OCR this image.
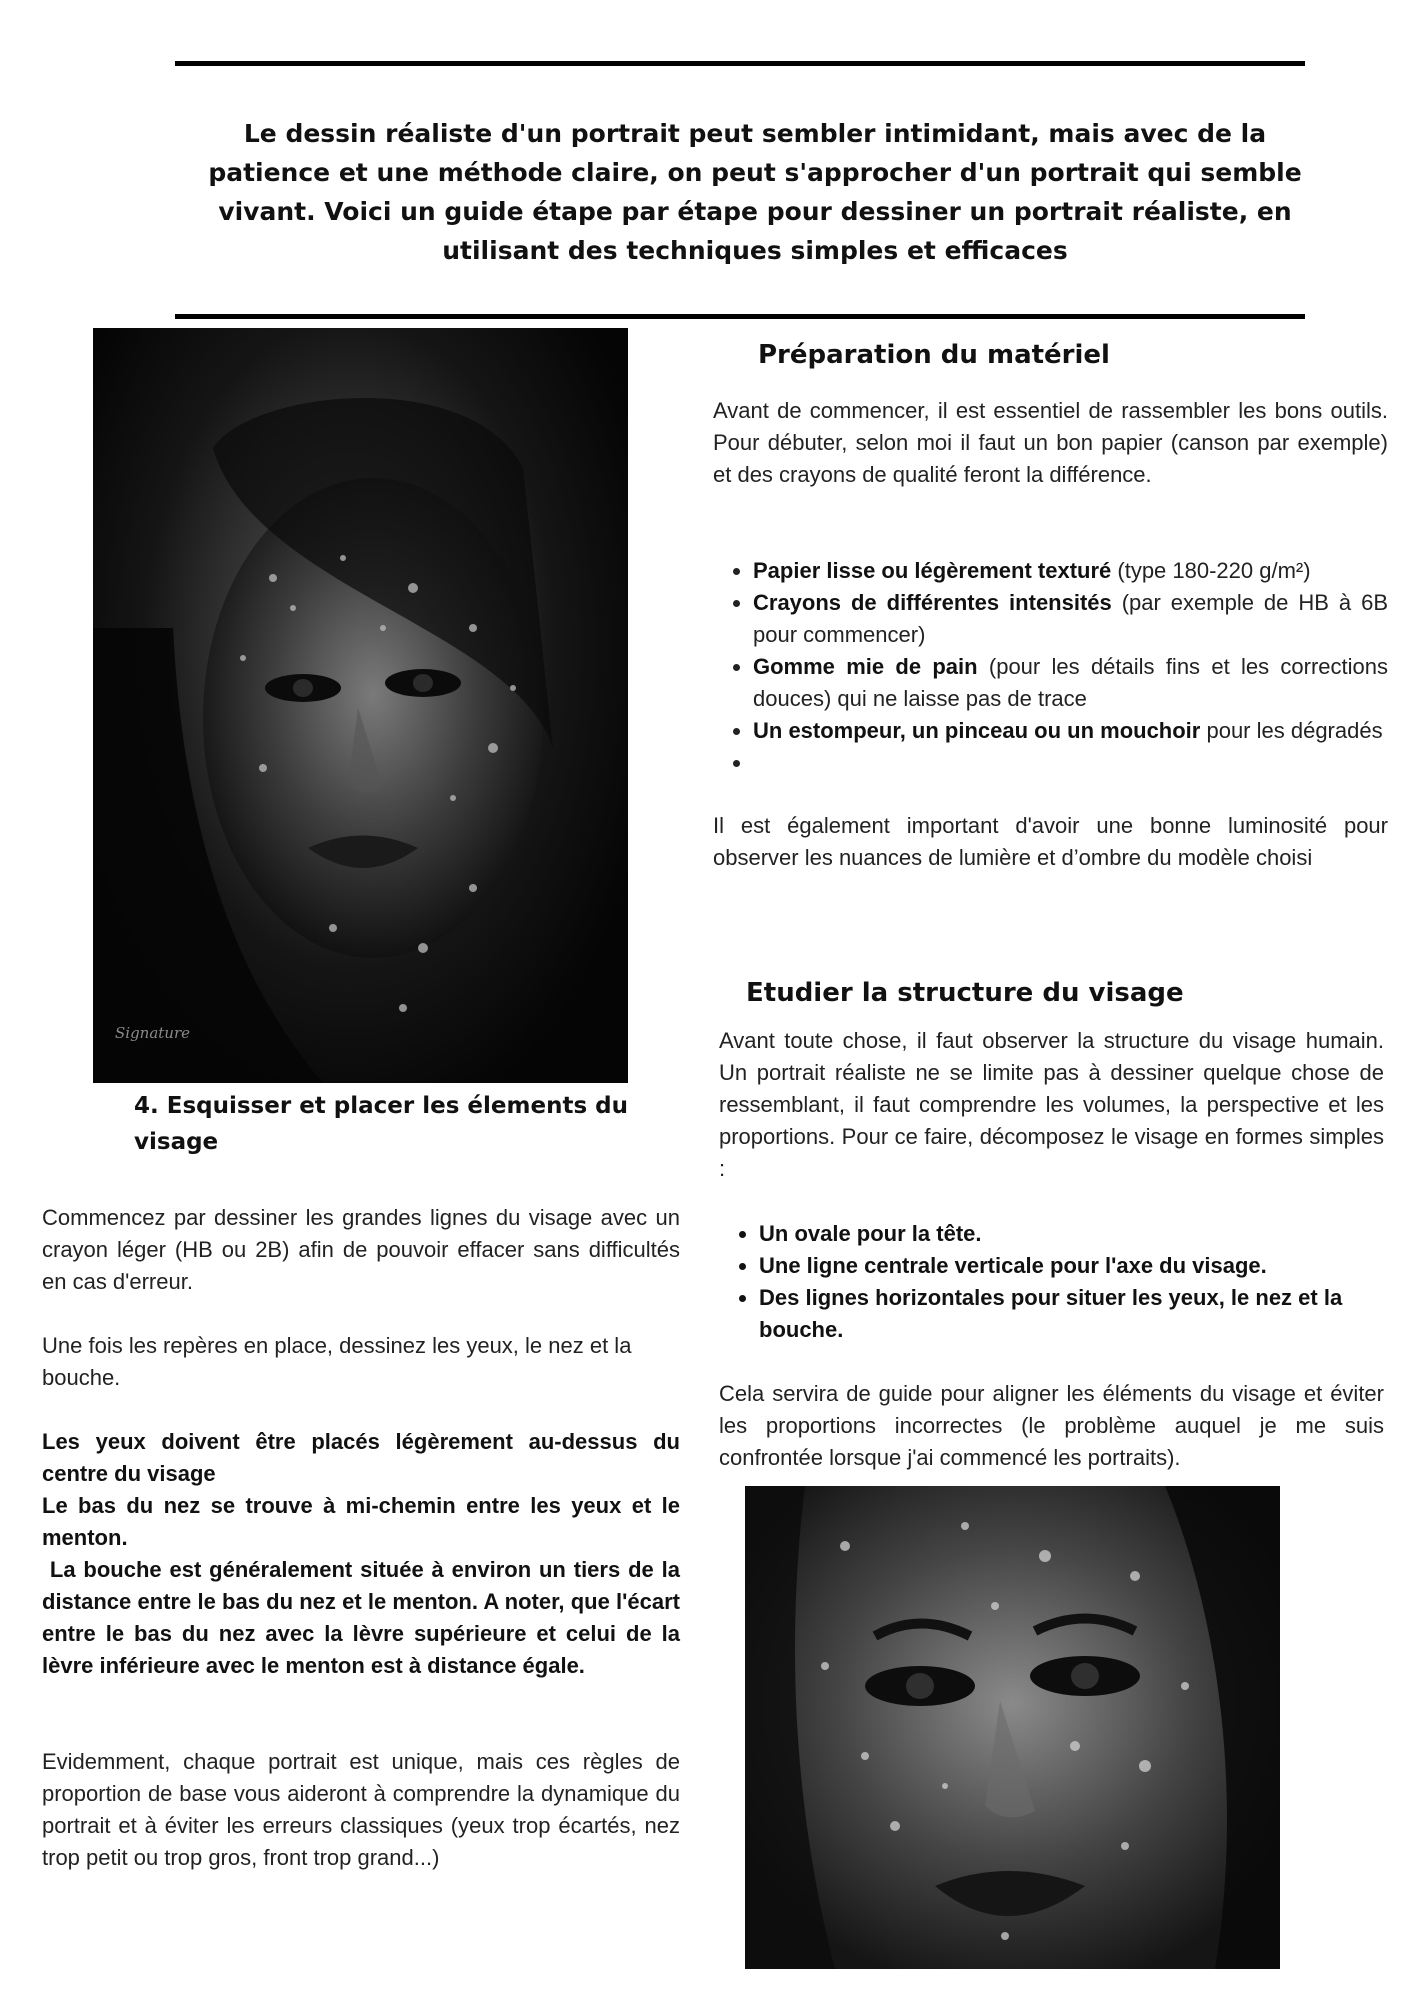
Le dessin réaliste d'un portrait peut sembler intimidant, mais avec de la patience et une méthode claire, on peut s'approcher d'un portrait qui semble vivant. Voici un guide étape par étape pour dessiner un portrait réaliste, en utilisant des techniques simples et efficaces
Signature
Préparation du matériel
Avant de commencer, il est essentiel de rassembler les bons outils. Pour débuter, selon moi il faut un bon papier (canson par exemple) et des crayons de qualité feront la différence.
• Papier lisse ou légèrement texturé (type 180-220 g/m²)
• Crayons de différentes intensités (par exemple de HB à 6B pour commencer)
• Gomme mie de pain (pour les détails fins et les corrections douces) qui ne laisse pas de trace
• Un estompeur, un pinceau ou un mouchoir pour les dégradés
•
Il est également important d'avoir une bonne luminosité pour observer les nuances de lumière et d’ombre du modèle choisi
Etudier la structure du visage
Avant toute chose, il faut observer la structure du visage humain. Un portrait réaliste ne se limite pas à dessiner quelque chose de ressemblant, il faut comprendre les volumes, la perspective et les proportions. Pour ce faire, décomposez le visage en formes simples :
• Un ovale pour la tête.
• Une ligne centrale verticale pour l'axe du visage.
• Des lignes horizontales pour situer les yeux, le nez et la bouche.
Cela servira de guide pour aligner les éléments du visage et éviter les proportions incorrectes (le problème auquel je me suis confrontée lorsque j'ai commencé les portraits).
4. Esquisser et placer les élements du visage
Commencez par dessiner les grandes lignes du visage avec un crayon léger (HB ou 2B) afin de pouvoir effacer sans difficultés en cas d'erreur.
Une fois les repères en place, dessinez les yeux, le nez et la bouche.
Les yeux doivent être placés légèrement au-dessus du centre du visage
Le bas du nez se trouve à mi-chemin entre les yeux et le menton.
La bouche est généralement située à environ un tiers de la distance entre le bas du nez et le menton. A noter, que l'écart entre le bas du nez avec la lèvre supérieure et celui de la lèvre inférieure avec le menton est à distance égale.
Evidemment, chaque portrait est unique, mais ces règles de proportion de base vous aideront à comprendre la dynamique du portrait et à éviter les erreurs classiques (yeux trop écartés, nez trop petit ou trop gros, front trop grand...)
